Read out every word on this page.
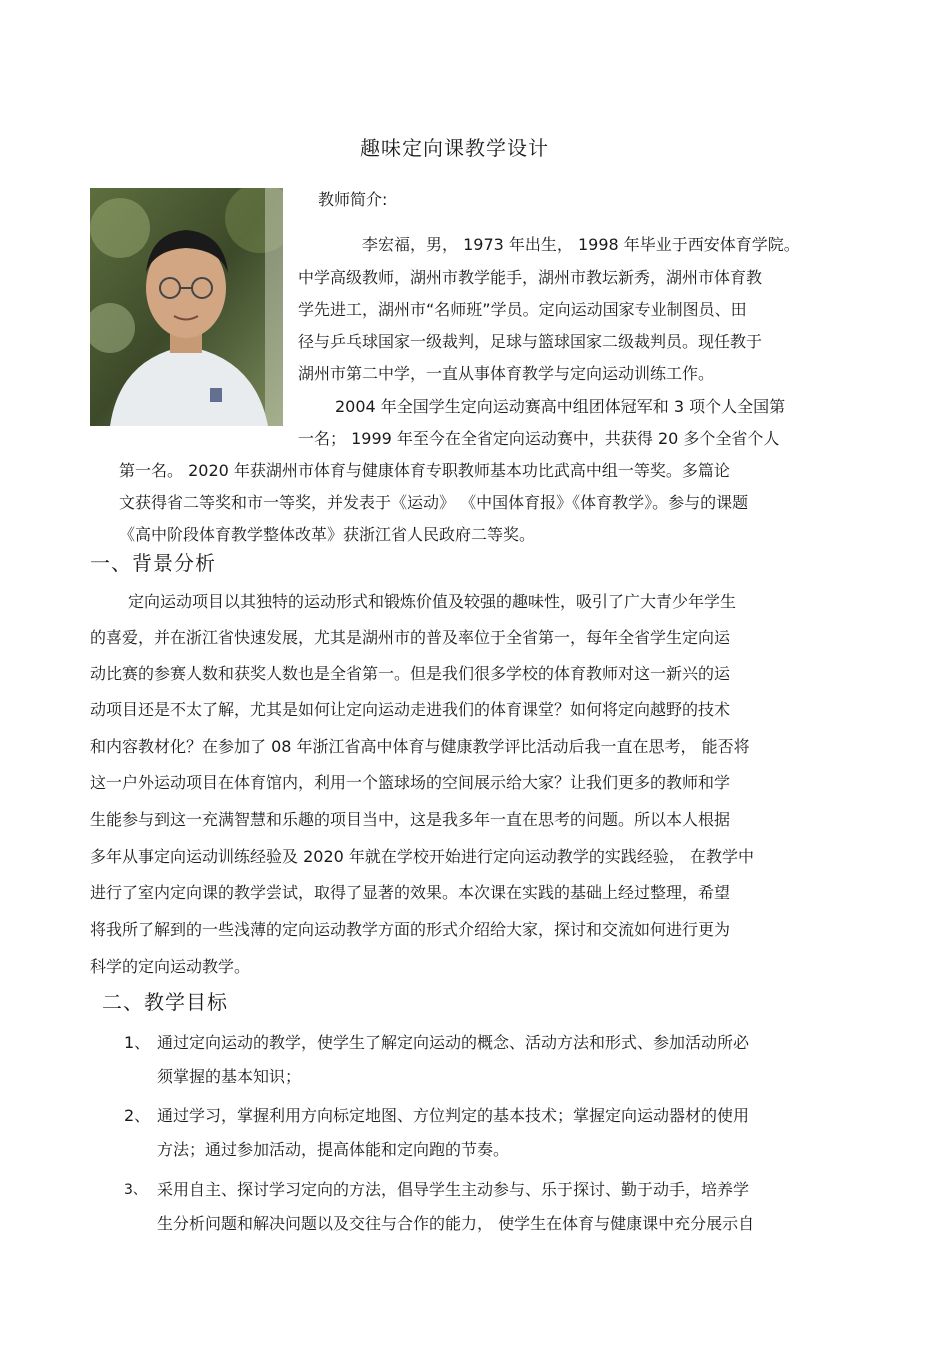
趣味定向课教学设计
教师简介:
李宏福，男， 1973 年出生， 1998 年毕业于西安体育学院。
中学高级教师，湖州市教学能手，湖州市教坛新秀，湖州市体育教
学先进工，湖州市“名师班”学员。定向运动国家专业制图员、田
径与乒乓球国家一级裁判，足球与篮球国家二级裁判员。现任教于
湖州市第二中学，一直从事体育教学与定向运动训练工作。
2004 年全国学生定向运动赛高中组团体冠军和 3 项个人全国第
一名； 1999 年至今在全省定向运动赛中，共获得 20 多个全省个人
第一名。 2020 年获湖州市体育与健康体育专职教师基本功比武高中组一等奖。多篇论
文获得省二等奖和市一等奖，并发表于《运动》 《中国体育报》《体育教学》。参与的课题
《高中阶段体育教学整体改革》获浙江省人民政府二等奖。
一、背景分析
定向运动项目以其独特的运动形式和锻炼价值及较强的趣味性，吸引了广大青少年学生
的喜爱，并在浙江省快速发展，尤其是湖州市的普及率位于全省第一，每年全省学生定向运
动比赛的参赛人数和获奖人数也是全省第一。但是我们很多学校的体育教师对这一新兴的运
动项目还是不太了解，尤其是如何让定向运动走进我们的体育课堂？如何将定向越野的技术
和内容教材化？在参加了 08 年浙江省高中体育与健康教学评比活动后我一直在思考， 能否将
这一户外运动项目在体育馆内，利用一个篮球场的空间展示给大家？让我们更多的教师和学
生能参与到这一充满智慧和乐趣的项目当中，这是我多年一直在思考的问题。所以本人根据
多年从事定向运动训练经验及 2020 年就在学校开始进行定向运动教学的实践经验， 在教学中
进行了室内定向课的教学尝试，取得了显著的效果。本次课在实践的基础上经过整理，希望
将我所了解到的一些浅薄的定向运动教学方面的形式介绍给大家，探讨和交流如何进行更为
科学的定向运动教学。
二、教学目标
1、 通过定向运动的教学，使学生了解定向运动的概念、活动方法和形式、参加活动所必
须掌握的基本知识；
2、 通过学习，掌握利用方向标定地图、方位判定的基本技术；掌握定向运动器材的使用
方法；通过参加活动，提高体能和定向跑的节奏。
3、 采用自主、探讨学习定向的方法，倡导学生主动参与、乐于探讨、勤于动手，培养学
生分析问题和解决问题以及交往与合作的能力， 使学生在体育与健康课中充分展示自
